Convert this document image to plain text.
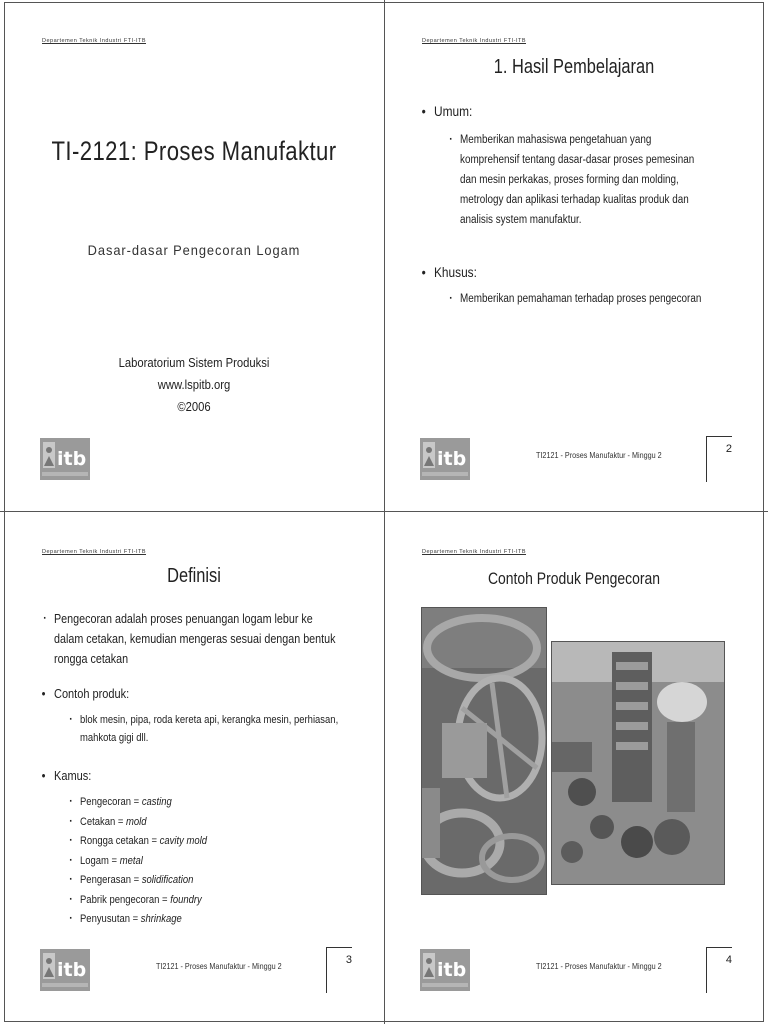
Departemen Teknik Industri FTI-ITB
TI-2121: Proses Manufaktur
Dasar-dasar Pengecoran Logam
Laboratorium Sistem Produksi
www.lspitb.org
©2006
itb
Departemen Teknik Industri FTI-ITB
1. Hasil Pembelajaran
• Umum:
▪ Memberikan mahasiswa pengetahuan yang
komprehensif tentang dasar-dasar proses pemesinan
dan mesin perkakas, proses forming dan molding,
metrology dan aplikasi terhadap kualitas produk dan
analisis system manufaktur.
• Khusus:
▪ Memberikan pemahaman terhadap proses pengecoran
itb	TI2121 - Proses Manufaktur - Minggu 2	2
Departemen Teknik Industri FTI-ITB
Definisi
▪ Pengecoran adalah proses penuangan logam lebur ke
dalam cetakan, kemudian mengeras sesuai dengan bentuk
rongga cetakan
• Contoh produk:
▪ blok mesin, pipa, roda kereta api, kerangka mesin, perhiasan,
mahkota gigi dll.
• Kamus:
▪ Pengecoran = casting
▪ Cetakan = mold
▪ Rongga cetakan = cavity mold
▪ Logam = metal
▪ Pengerasan = solidification
▪ Pabrik pengecoran = foundry
▪ Penyusutan = shrinkage
itb	TI2121 - Proses Manufaktur - Minggu 2	3
Departemen Teknik Industri FTI-ITB
Contoh Produk Pengecoran
itb	TI2121 - Proses Manufaktur - Minggu 2	4
